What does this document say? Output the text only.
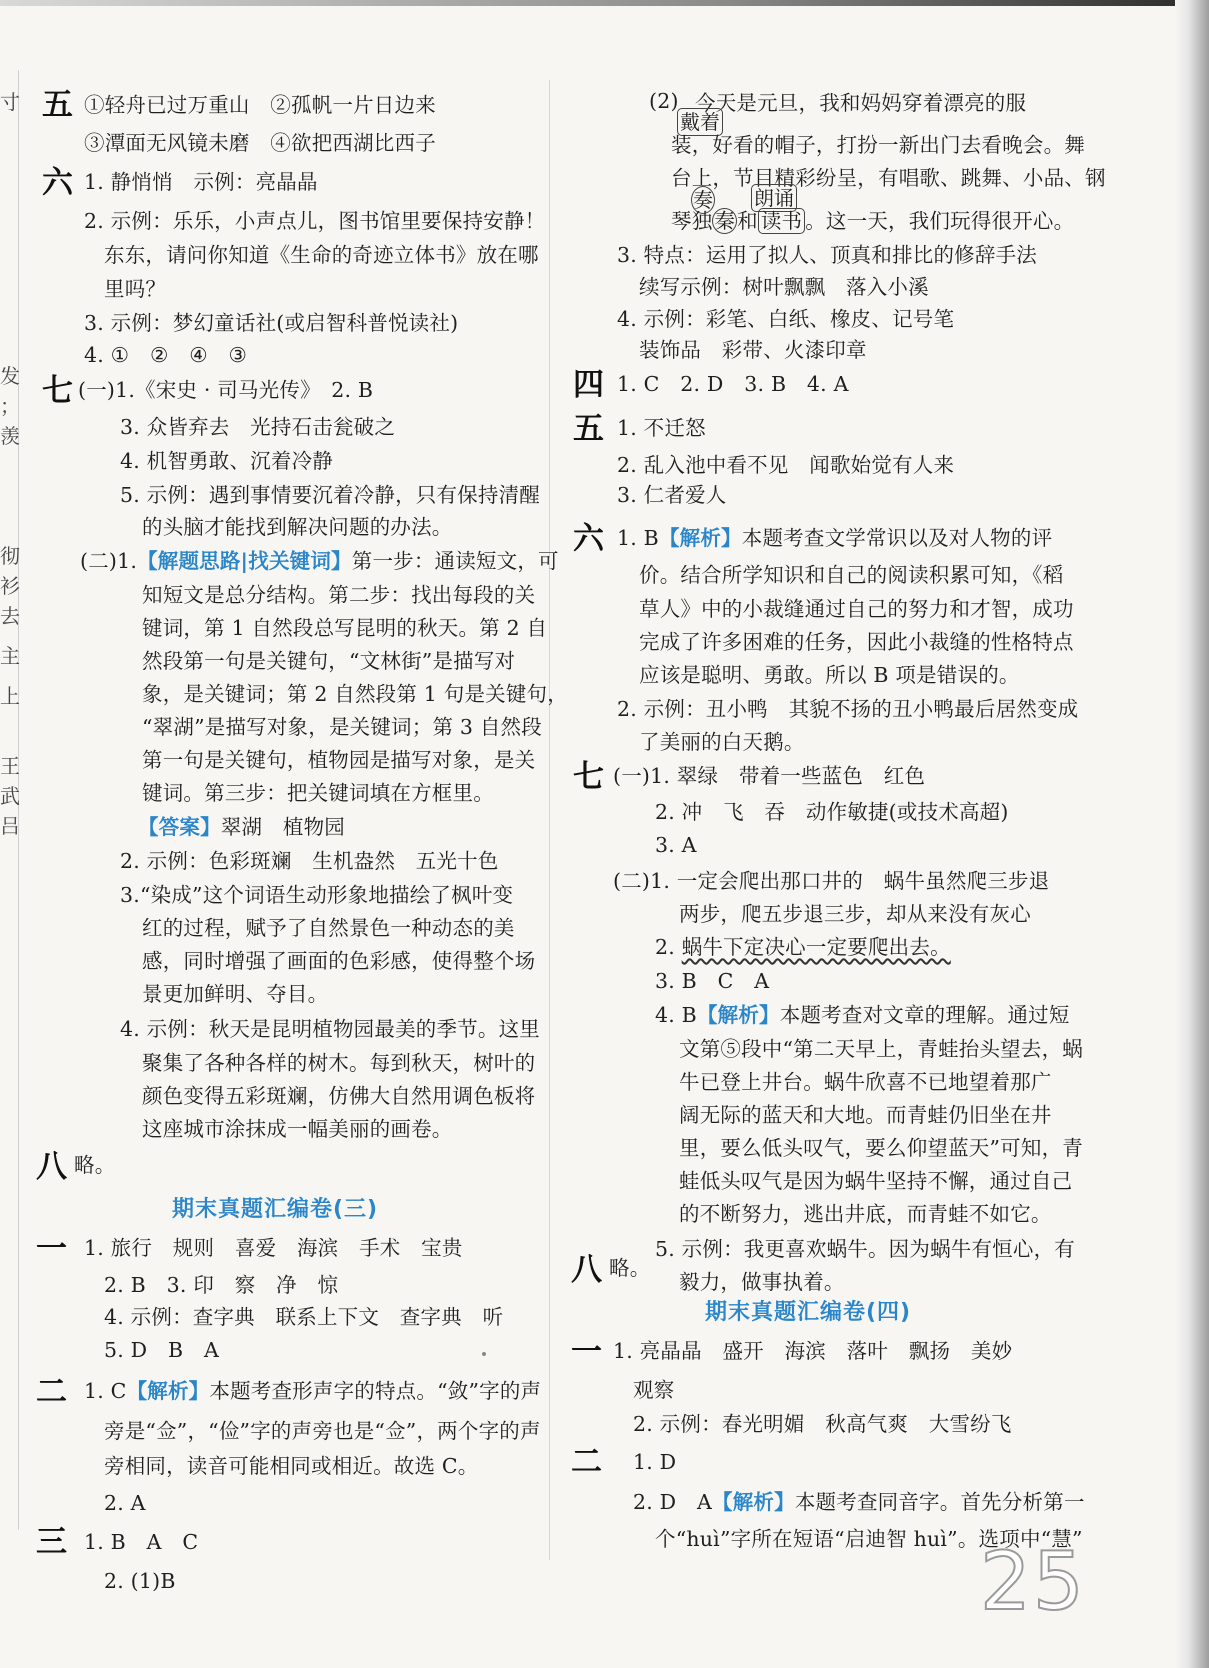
寸
发
；
羡
彻
衫
去
主
上
王
武
吕
五 ①轻舟已过万重山　②孤帆一片日边来
③潭面无风镜未磨　④欲把西湖比西子
六 1. 静悄悄　示例：亮晶晶
2. 示例：乐乐，小声点儿，图书馆里要保持安静！
东东，请问你知道《生命的奇迹立体书》放在哪
里吗？
3. 示例：梦幻童话社(或启智科普悦读社)
4. ①　②　④　③
七 (一)1.《宋史 · 司马光传》　2. B
3. 众皆弃去　光持石击瓮破之
4. 机智勇敢、沉着冷静
5. 示例：遇到事情要沉着冷静，只有保持清醒
的头脑才能找到解决问题的办法。
(二)1.【解题思路|找关键词】第一步：通读短文，可
知短文是总分结构。第二步：找出每段的关
键词，第 1 自然段总写昆明的秋天。第 2 自
然段第一句是关键句，“文林街”是描写对
象，是关键词；第 2 自然段第 1 句是关键句，
“翠湖”是描写对象，是关键词；第 3 自然段
第一句是关键句，植物园是描写对象，是关
键词。第三步：把关键词填在方框里。
【答案】翠湖　植物园
2. 示例：色彩斑斓　生机盎然　五光十色
3.“染成”这个词语生动形象地描绘了枫叶变
红的过程，赋予了自然景色一种动态的美
感，同时增强了画面的色彩感，使得整个场
景更加鲜明、夺目。
4. 示例：秋天是昆明植物园最美的季节。这里
聚集了各种各样的树木。每到秋天，树叶的
颜色变得五彩斑斓，仿佛大自然用调色板将
这座城市涂抹成一幅美丽的画卷。
八 略。
期末真题汇编卷(三)
一 1. 旅行　规则　喜爱　海滨　手术　宝贵
2. B　3. 印　察　净　惊
4. 示例：查字典　联系上下文　查字典　听
5. D　B　A
二 1. C【解析】本题考查形声字的特点。“敛”字的声
旁是“佥”，“俭”字的声旁也是“佥”，两个字的声
旁相同，读音可能相同或相近。故选 C。
2. A
三 1. B　A　C
2. (1)B
(2) 今天是元旦，我和妈妈穿着漂亮的服
戴着
装，好看的帽子，打扮一新出门去看晚会。舞
台上，节目精彩纷呈，有唱歌、跳舞、小品、钢
奏 朗诵
琴独秦和 读书 。这一天，我们玩得很开心。
3. 特点：运用了拟人、顶真和排比的修辞手法
续写示例：树叶飘飘　落入小溪
4. 示例：彩笔、白纸、橡皮、记号笔
装饰品　彩带、火漆印章
四 1. C　2. D　3. B　4. A
五 1. 不迁怒
2. 乱入池中看不见　闻歌始觉有人来
3. 仁者爱人
六 1. B【解析】本题考查文学常识以及对人物的评
价。结合所学知识和自己的阅读积累可知，《稻
草人》中的小裁缝通过自己的努力和才智，成功
完成了许多困难的任务，因此小裁缝的性格特点
应该是聪明、勇敢。所以 B 项是错误的。
2. 示例：丑小鸭　其貌不扬的丑小鸭最后居然变成
了美丽的白天鹅。
七 (一)1. 翠绿　带着一些蓝色　红色
2. 冲　飞　吞　动作敏捷(或技术高超)
3. A
(二)1. 一定会爬出那口井的　蜗牛虽然爬三步退
两步，爬五步退三步，却从来没有灰心
2. 蜗牛下定决心一定要爬出去。
3. B　C　A
4. B【解析】本题考查对文章的理解。通过短
文第⑤段中“第二天早上，青蛙抬头望去，蜗
牛已登上井台。蜗牛欣喜不已地望着那广
阔无际的蓝天和大地。而青蛙仍旧坐在井
里，要么低头叹气，要么仰望蓝天”可知，青
蛙低头叹气是因为蜗牛坚持不懈，通过自己
的不断努力，逃出井底，而青蛙不如它。
5. 示例：我更喜欢蜗牛。因为蜗牛有恒心，有
毅力，做事执着。
八 略。
期末真题汇编卷(四)
一 1. 亮晶晶　盛开　海滨　落叶　飘扬　美妙
观察
2. 示例：春光明媚　秋高气爽　大雪纷飞
二 1. D
2. D　A【解析】本题考查同音字。首先分析第一
个“huì”字所在短语“启迪智 huì”。选项中“慧”
25
